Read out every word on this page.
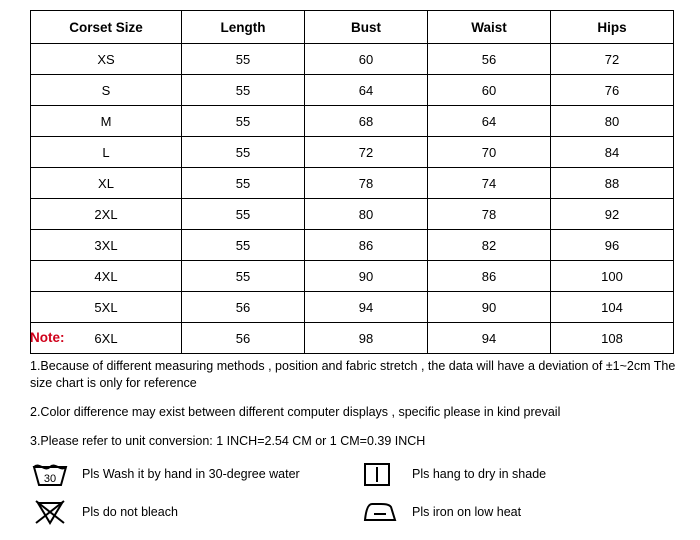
Corset Size	Length	Bust	Waist	Hips
XS	55	60	56	72
S	55	64	60	76
M	55	68	64	80
L	55	72	70	84
XL	55	78	74	88
2XL	55	80	78	92
3XL	55	86	82	96
4XL	55	90	86	100
5XL	56	94	90	104
6XL	56	98	94	108
Note:
1.Because of different measuring methods , position and fabric stretch , the data will have a deviation of ±1~2cm The size chart is only for reference
2.Color difference may exist between different computer displays , specific please in kind prevail
3.Please refer to unit conversion: 1 INCH=2.54 CM or 1 CM=0.39 INCH
30 Pls Wash it by hand in 30-degree water	Pls hang to dry in shade
Pls do not bleach	Pls iron on low heat
